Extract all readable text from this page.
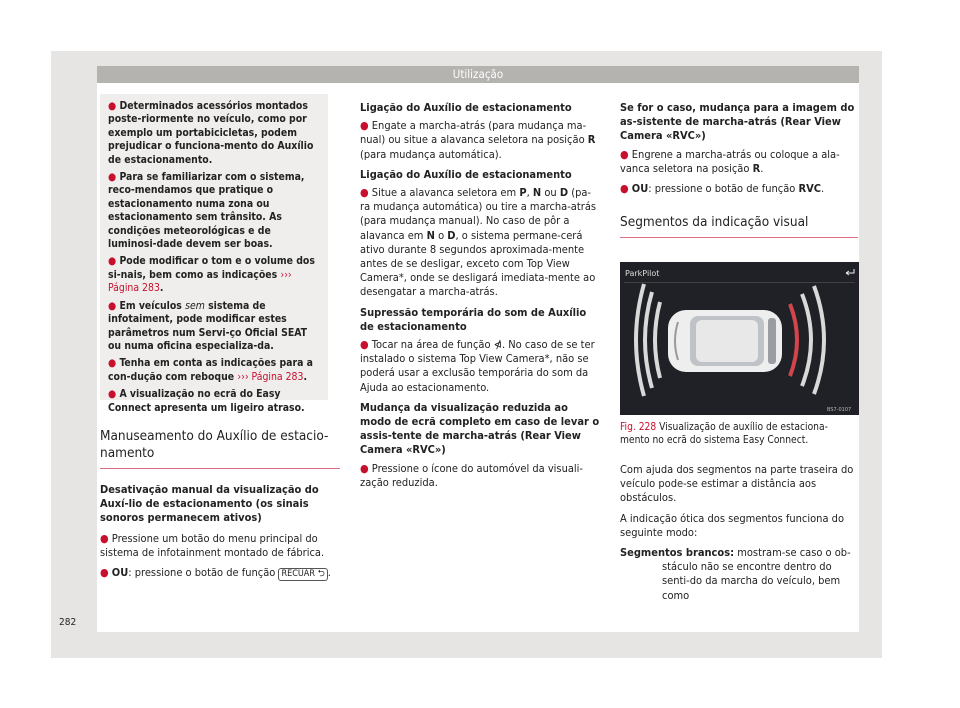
Utilização

● Determinados acessórios montados poste-riormente no veículo, como por exemplo um portabicicletas, podem prejudicar o funciona-mento do Auxílio de estacionamento.

● Para se familiarizar com o sistema, reco-mendamos que pratique o estacionamento numa zona ou estacionamento sem trânsito. As condições meteorológicas e de luminosi-dade devem ser boas.

● Pode modificar o tom e o volume dos si-nais, bem como as indicações ››› Página 283.

● Em veículos sem sistema de infotaiment, pode modificar estes parâmetros num Servi-ço Oficial SEAT ou numa oficina especializa-da.

● Tenha em conta as indicações para a con-dução com reboque ››› Página 283.

● A visualização no ecrã do Easy Connect apresenta um ligeiro atraso.

Manuseamento do Auxílio de estacio-namento

Desativação manual da visualização do Auxí-lio de estacionamento (os sinais sonoros permanecem ativos)

● Pressione um botão do menu principal do sistema de infotainment montado de fábrica.

● OU: pressione o botão de função RECUAR ⮌ .

Ligação do Auxílio de estacionamento

● Engate a marcha-atrás (para mudança ma-nual) ou situe a alavanca seletora na posição R (para mudança automática).

Ligação do Auxílio de estacionamento

● Situe a alavanca seletora em P, N ou D (pa-ra mudança automática) ou tire a marcha-atrás (para mudança manual). No caso de pôr a alavanca em N o D, o sistema permane-cerá ativo durante 8 segundos aproximada-mente antes de se desligar, exceto com Top View Camera*, onde se desligará imediata-mente ao desengatar a marcha-atrás.

Supressão temporária do som de Auxílio de estacionamento

● Tocar na área de função ⋪. No caso de se ter instalado o sistema Top View Camera*, não se poderá usar a exclusão temporária do som da Ajuda ao estacionamento.

Mudança da visualização reduzida ao modo de ecrã completo em caso de levar o assis-tente de marcha-atrás (Rear View Camera «RVC»)

● Pressione o ícone do automóvel da visuali-zação reduzida.

Se for o caso, mudança para a imagem do as-sistente de marcha-atrás (Rear View Camera «RVC»)

● Engrene a marcha-atrás ou coloque a ala-vanca seletora na posição R.

● OU: pressione o botão de função RVC.

Segmentos da indicação visual

ParkPilot
BS7-0107
Fig. 228 Visualização de auxílio de estaciona-mento no ecrã do sistema Easy Connect.

Com ajuda dos segmentos na parte traseira do veículo pode-se estimar a distância aos obstáculos.

A indicação ótica dos segmentos funciona do seguinte modo:

Segmentos brancos: mostram-se caso o ob-stáculo não se encontre dentro do senti-do da marcha do veículo, bem como

282
